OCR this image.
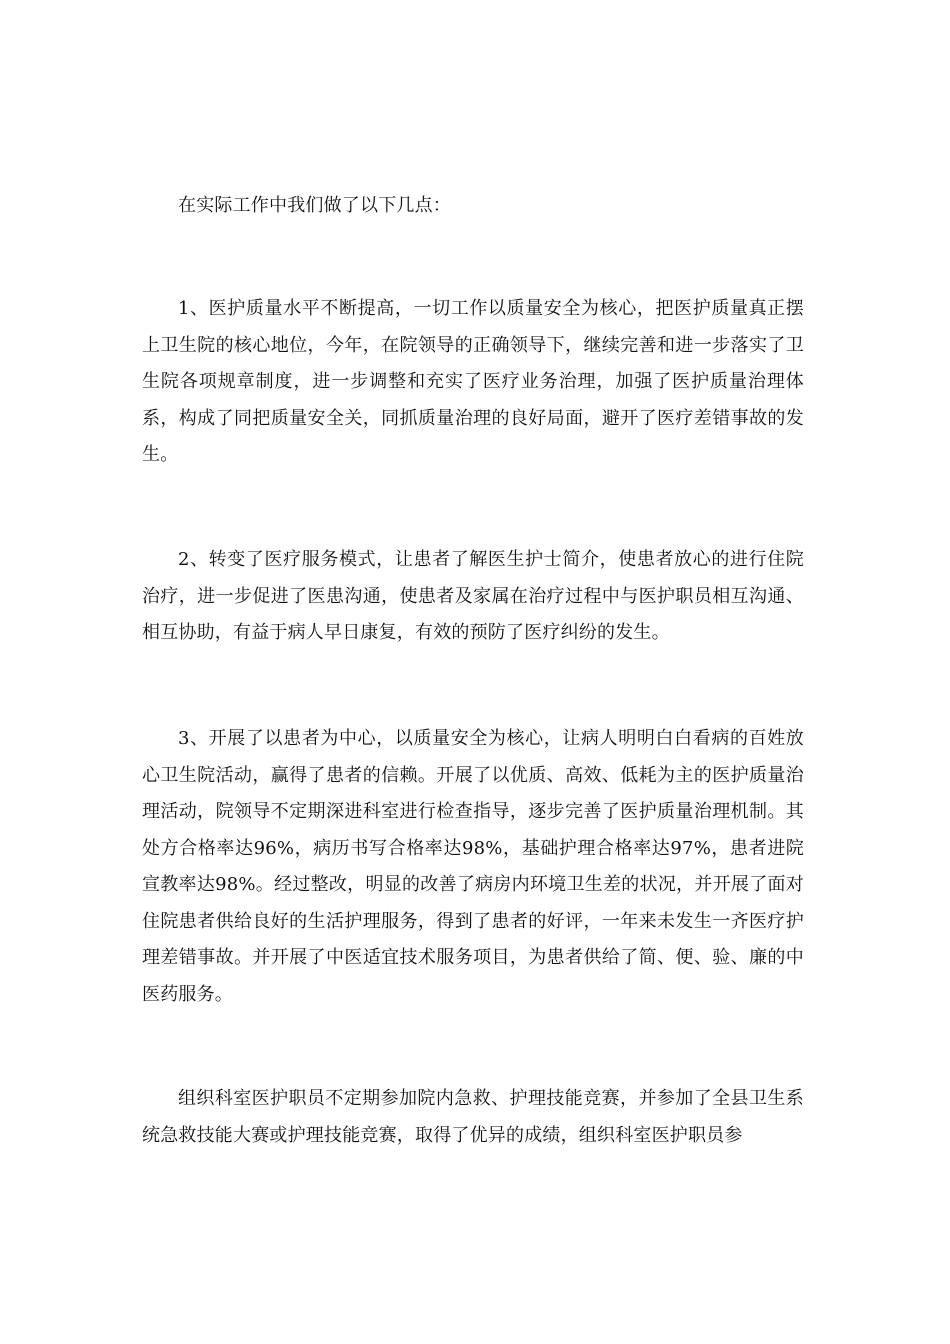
在实际工作中我们做了以下几点：

1、医护质量水平不断提高，一切工作以质量安全为核心，把医护质量真正摆上卫生院的核心地位，今年，在院领导的正确领导下，继续完善和进一步落实了卫生院各项规章制度，进一步调整和充实了医疗业务治理，加强了医护质量治理体系，构成了同把质量安全关，同抓质量治理的良好局面，避开了医疗差错事故的发生。

2、转变了医疗服务模式，让患者了解医生护士简介，使患者放心的进行住院治疗，进一步促进了医患沟通，使患者及家属在治疗过程中与医护职员相互沟通、相互协助，有益于病人早日康复，有效的预防了医疗纠纷的发生。

3、开展了以患者为中心，以质量安全为核心，让病人明明白白看病的百姓放心卫生院活动，赢得了患者的信赖。开展了以优质、高效、低耗为主的医护质量治理活动，院领导不定期深进科室进行检查指导，逐步完善了医护质量治理机制。其处方合格率达96%，病历书写合格率达98%，基础护理合格率达97%，患者进院宣教率达98%。经过整改，明显的改善了病房内环境卫生差的状况，并开展了面对住院患者供给良好的生活护理服务，得到了患者的好评，一年来未发生一齐医疗护理差错事故。并开展了中医适宜技术服务项目，为患者供给了简、便、验、廉的中医药服务。

组织科室医护职员不定期参加院内急救、护理技能竞赛，并参加了全县卫生系统急救技能大赛或护理技能竞赛，取得了优异的成绩，组织科室医护职员参
